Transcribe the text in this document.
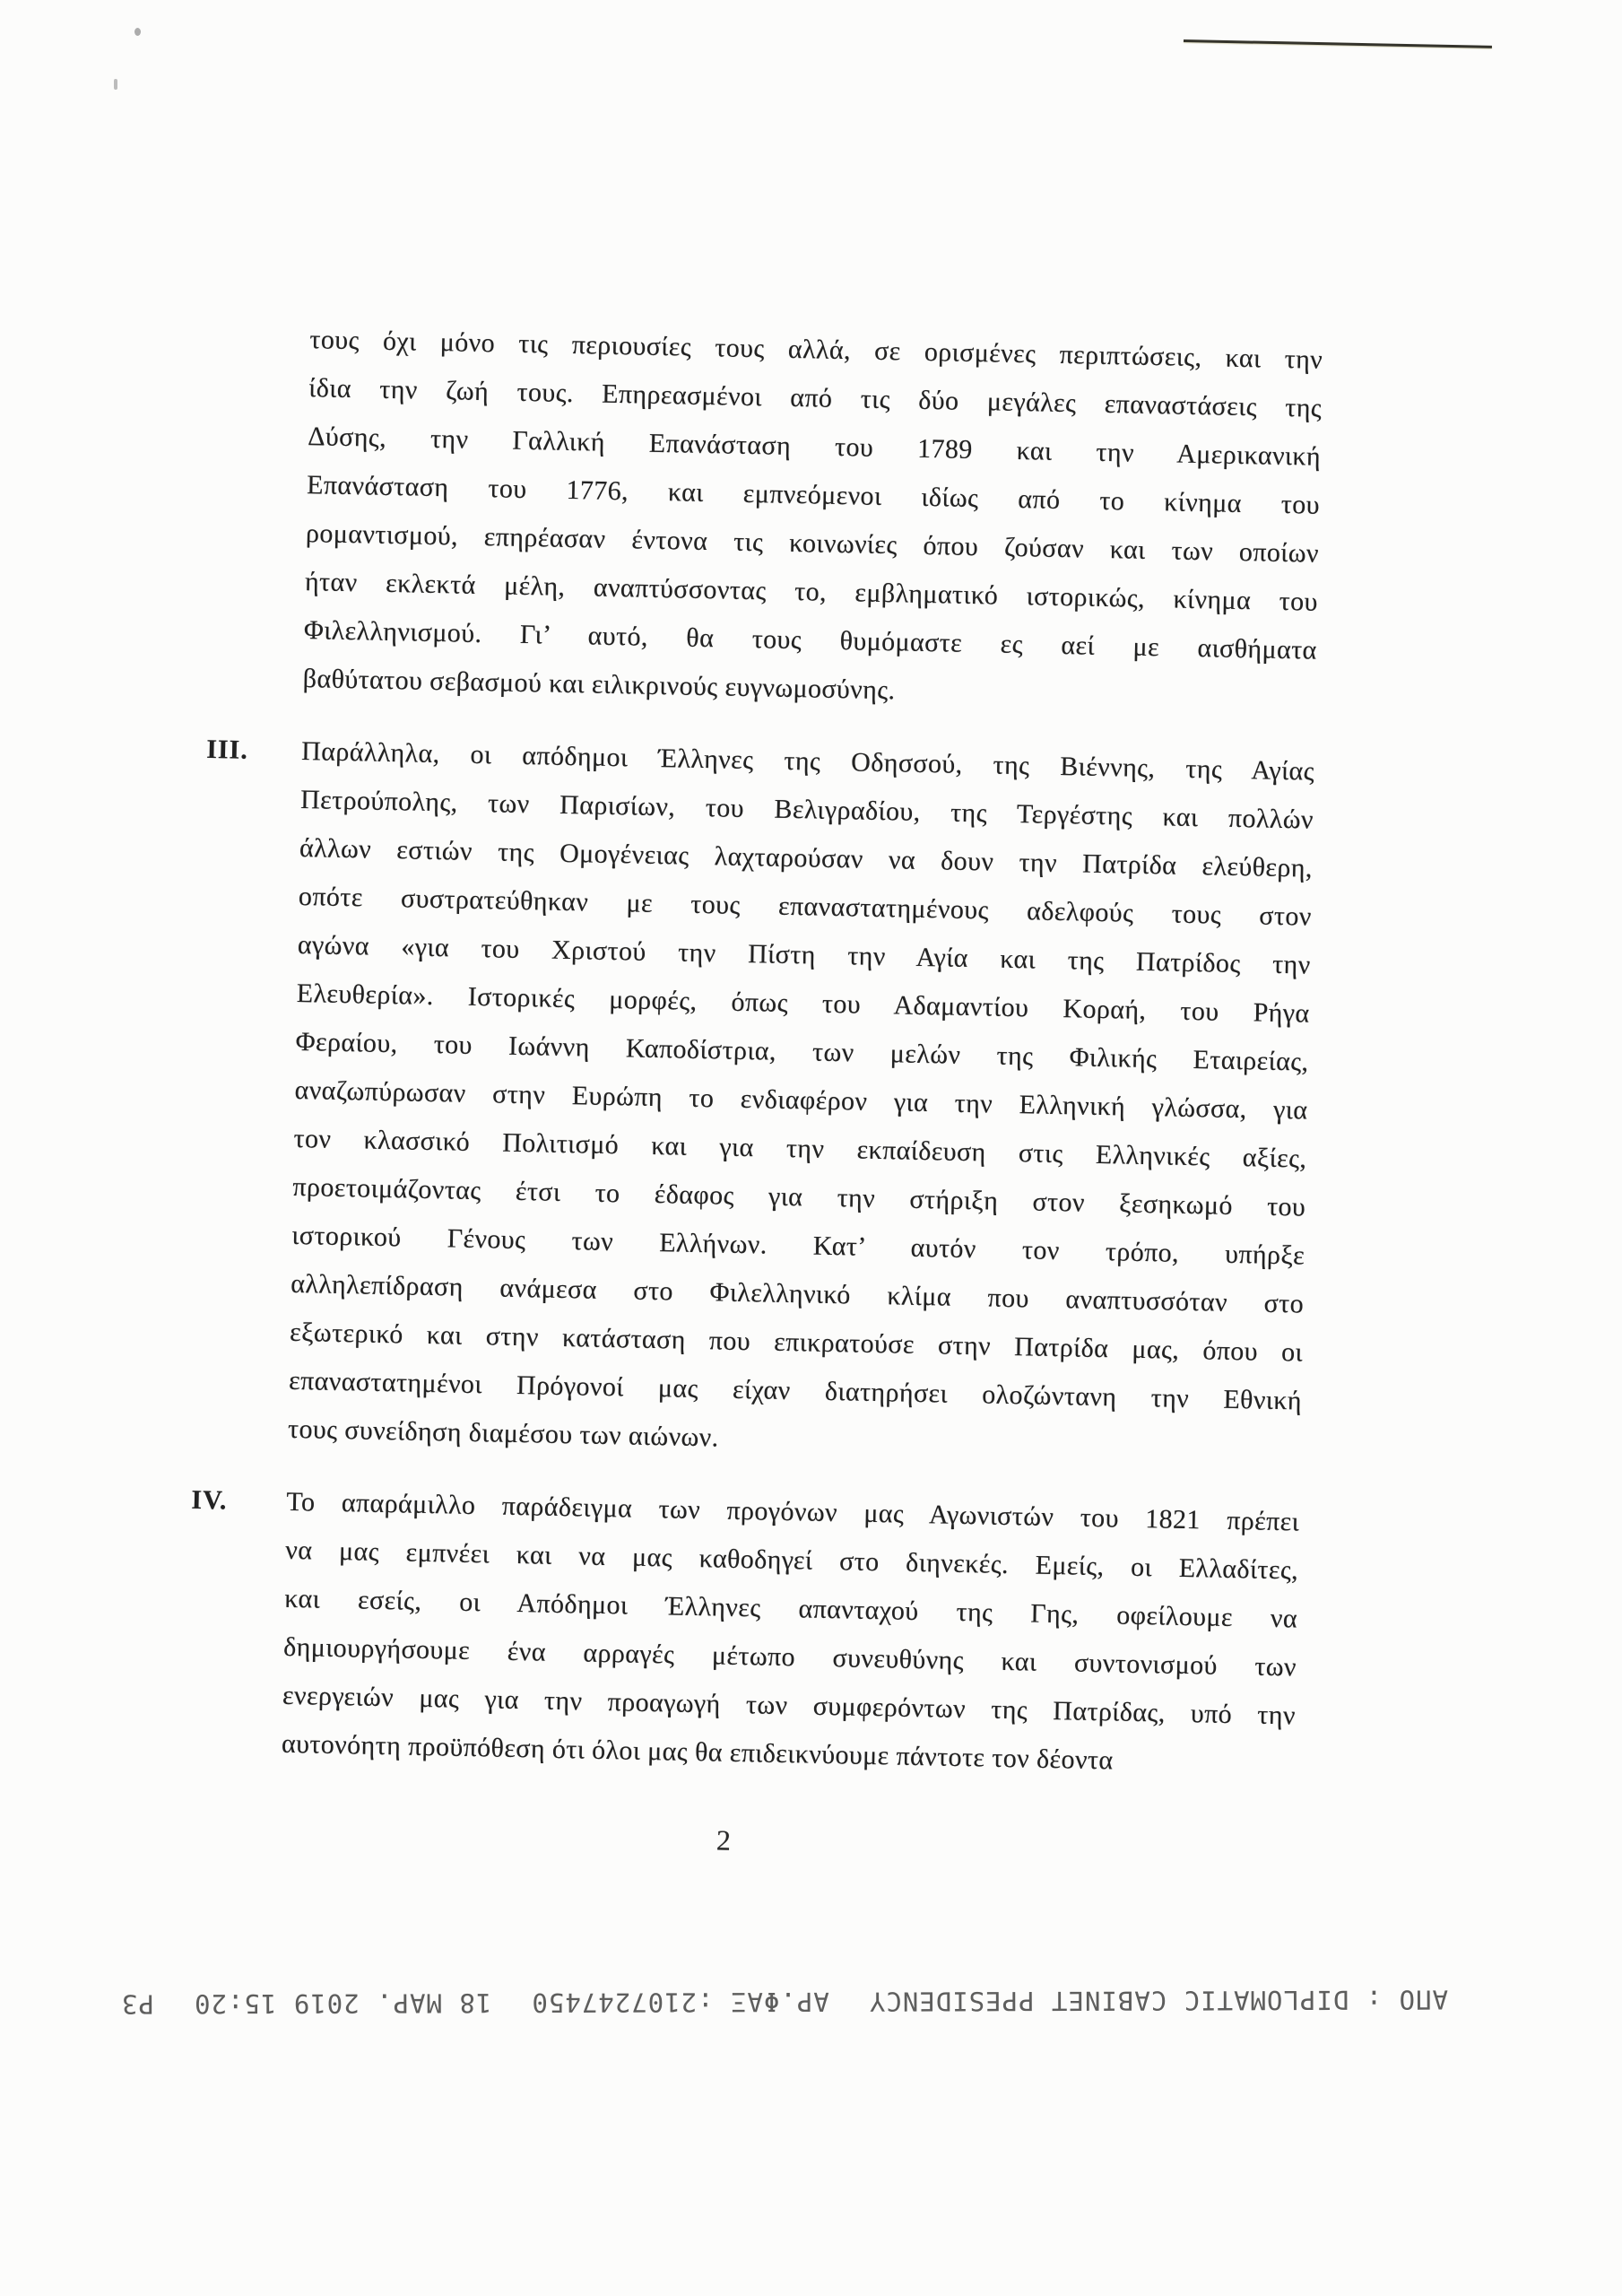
τους όχι μόνο τις περιουσίες τους αλλά, σε ορισμένες περιπτώσεις, και την
ίδια την ζωή τους. Επηρεασμένοι από τις δύο μεγάλες επαναστάσεις της
Δύσης, την Γαλλική Επανάσταση του 1789 και την Αμερικανική
Επανάσταση του 1776, και εμπνεόμενοι ιδίως από το κίνημα του
ρομαντισμού, επηρέασαν έντονα τις κοινωνίες όπου ζούσαν και των οποίων
ήταν εκλεκτά μέλη, αναπτύσσοντας το, εμβληματικό ιστορικώς, κίνημα του
Φιλελληνισμού. Γι’ αυτό, θα τους θυμόμαστε ες αεί με αισθήματα
βαθύτατου σεβασμού και ειλικρινούς ευγνωμοσύνης.
III.	Παράλληλα, οι απόδημοι Έλληνες της Οδησσού, της Βιέννης, της Αγίας
Πετρούπολης, των Παρισίων, του Βελιγραδίου, της Τεργέστης και πολλών
άλλων εστιών της Ομογένειας λαχταρούσαν να δουν την Πατρίδα ελεύθερη,
οπότε συστρατεύθηκαν με τους επαναστατημένους αδελφούς τους στον
αγώνα «για του Χριστού την Πίστη την Αγία και της Πατρίδος την
Ελευθερία». Ιστορικές μορφές, όπως του Αδαμαντίου Κοραή, του Ρήγα
Φεραίου, του Ιωάννη Καποδίστρια, των μελών της Φιλικής Εταιρείας,
αναζωπύρωσαν στην Ευρώπη το ενδιαφέρον για την Ελληνική γλώσσα, για
τον κλασσικό Πολιτισμό και για την εκπαίδευση στις Ελληνικές αξίες,
προετοιμάζοντας έτσι το έδαφος για την στήριξη στον ξεσηκωμό του
ιστορικού Γένους των Ελλήνων. Κατ’ αυτόν τον τρόπο, υπήρξε
αλληλεπίδραση ανάμεσα στο Φιλελληνικό κλίμα που αναπτυσσόταν στο
εξωτερικό και στην κατάσταση που επικρατούσε στην Πατρίδα μας, όπου οι
επαναστατημένοι Πρόγονοί μας είχαν διατηρήσει ολοζώντανη την Εθνική
τους συνείδηση διαμέσου των αιώνων.
IV.	Το απαράμιλλο παράδειγμα των προγόνων μας Αγωνιστών του 1821 πρέπει
να μας εμπνέει και να μας καθοδηγεί στο διηνεκές. Εμείς, οι Ελλαδίτες,
και εσείς, οι Απόδημοι Έλληνες απανταχού της Γης, οφείλουμε να
δημιουργήσουμε ένα αρραγές μέτωπο συνευθύνης και συντονισμού των
ενεργειών μας για την προαγωγή των συμφερόντων της Πατρίδας, υπό την
αυτονόητη προϋπόθεση ότι όλοι μας θα επιδεικνύουμε πάντοτε τον δέοντα
2
ΑΠΟ : DIPLOMATIC CABINET PPESIDENCY
ΑΡ.ΦΑΞ :2107247450
18 ΜΑΡ. 2019 15:20
P3
